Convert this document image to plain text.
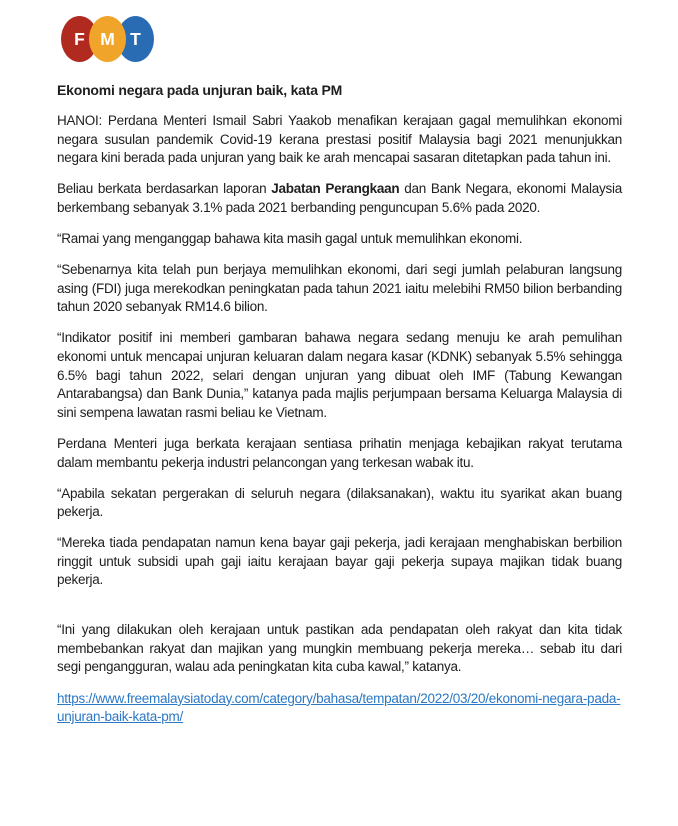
F M T
Ekonomi negara pada unjuran baik, kata PM

HANOI: Perdana Menteri Ismail Sabri Yaakob menafikan kerajaan gagal memulihkan ekonomi negara susulan pandemik Covid-19 kerana prestasi positif Malaysia bagi 2021 menunjukkan negara kini berada pada unjuran yang baik ke arah mencapai sasaran ditetapkan pada tahun ini.

Beliau berkata berdasarkan laporan Jabatan Perangkaan dan Bank Negara, ekonomi Malaysia berkembang sebanyak 3.1% pada 2021 berbanding penguncupan 5.6% pada 2020.

“Ramai yang menganggap bahawa kita masih gagal untuk memulihkan ekonomi.

“Sebenarnya kita telah pun berjaya memulihkan ekonomi, dari segi jumlah pelaburan langsung asing (FDI) juga merekodkan peningkatan pada tahun 2021 iaitu melebihi RM50 bilion berbanding tahun 2020 sebanyak RM14.6 bilion.

“Indikator positif ini memberi gambaran bahawa negara sedang menuju ke arah pemulihan ekonomi untuk mencapai unjuran keluaran dalam negara kasar (KDNK) sebanyak 5.5% sehingga 6.5% bagi tahun 2022, selari dengan unjuran yang dibuat oleh IMF (Tabung Kewangan Antarabangsa) dan Bank Dunia,” katanya pada majlis perjumpaan bersama Keluarga Malaysia di sini sempena lawatan rasmi beliau ke Vietnam.

Perdana Menteri juga berkata kerajaan sentiasa prihatin menjaga kebajikan rakyat terutama dalam membantu pekerja industri pelancongan yang terkesan wabak itu.

“Apabila sekatan pergerakan di seluruh negara (dilaksanakan), waktu itu syarikat akan buang pekerja.

“Mereka tiada pendapatan namun kena bayar gaji pekerja, jadi kerajaan menghabiskan berbilion ringgit untuk subsidi upah gaji iaitu kerajaan bayar gaji pekerja supaya majikan tidak buang pekerja.

“Ini yang dilakukan oleh kerajaan untuk pastikan ada pendapatan oleh rakyat dan kita tidak membebankan rakyat dan majikan yang mungkin membuang pekerja mereka… sebab itu dari segi pengangguran, walau ada peningkatan kita cuba kawal,” katanya.

https://www.freemalaysiatoday.com/category/bahasa/tempatan/2022/03/20/ekonomi-negara-pada-unjuran-baik-kata-pm/
